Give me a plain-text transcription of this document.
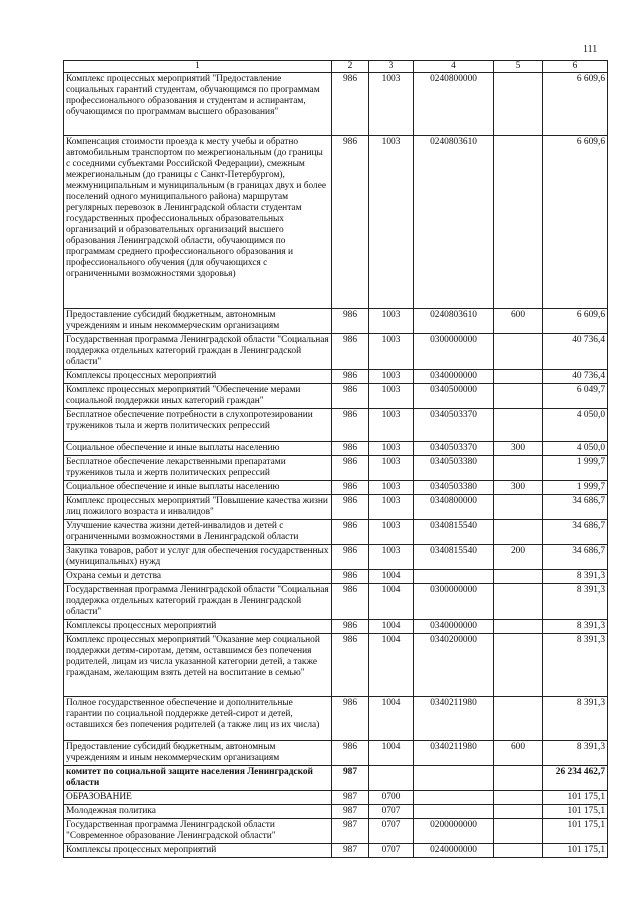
111
1	2	3	4	5	6
Комплекс процессных мероприятий "Предоставление социальных гарантий студентам, обучающимся по программам профессионального образования и студентам и аспирантам, обучающимся по программам высшего образования"	986	1003	0240800000		6 609,6
Компенсация стоимости проезда к месту учебы и обратно автомобильным транспортом по межрегиональным (до границы с соседними субъектами Российской Федерации), смежным межрегиональным (до границы с Санкт-Петербургом), межмуниципальным и муниципальным (в границах двух и более поселений одного муниципального района) маршрутам регулярных перевозок в Ленинградской области студентам государственных профессиональных образовательных организаций и образовательных организаций высшего образования Ленинградской области, обучающимся по программам среднего профессионального образования и профессионального обучения (для обучающихся с ограниченными возможностями здоровья)	986	1003	0240803610		6 609,6
Предоставление субсидий бюджетным, автономным учреждениям и иным некоммерческим организациям	986	1003	0240803610	600	6 609,6
Государственная программа Ленинградской области "Социальная поддержка отдельных категорий граждан в Ленинградской области"	986	1003	0300000000		40 736,4
Комплексы процессных мероприятий	986	1003	0340000000		40 736,4
Комплекс процессных мероприятий "Обеспечение мерами социальной поддержки иных категорий граждан"	986	1003	0340500000		6 049,7
Бесплатное обеспечение потребности в слухопротезировании тружеников тыла и жертв политических репрессий	986	1003	0340503370		4 050,0
Социальное обеспечение и иные выплаты населению	986	1003	0340503370	300	4 050,0
Бесплатное обеспечение лекарственными препаратами тружеников тыла и жертв политических репрессий	986	1003	0340503380		1 999,7
Социальное обеспечение и иные выплаты населению	986	1003	0340503380	300	1 999,7
Комплекс процессных мероприятий "Повышение качества жизни лиц пожилого возраста и инвалидов"	986	1003	0340800000		34 686,7
Улучшение качества жизни детей-инвалидов и детей с ограниченными возможностями в Ленинградской области	986	1003	0340815540		34 686,7
Закупка товаров, работ и услуг для обеспечения государственных (муниципальных) нужд	986	1003	0340815540	200	34 686,7
Охрана семьи и детства	986	1004			8 391,3
Государственная программа Ленинградской области "Социальная поддержка отдельных категорий граждан в Ленинградской области"	986	1004	0300000000		8 391,3
Комплексы процессных мероприятий	986	1004	0340000000		8 391,3
Комплекс процессных мероприятий "Оказание мер социальной поддержки детям-сиротам, детям, оставшимся без попечения родителей, лицам из числа указанной категории детей, а также гражданам, желающим взять детей на воспитание в семью"	986	1004	0340200000		8 391,3
Полное государственное обеспечение и дополнительные гарантии по социальной поддержке детей-сирот и детей, оставшихся без попечения родителей (а также лиц из их числа)	986	1004	0340211980		8 391,3
Предоставление субсидий бюджетным, автономным учреждениям и иным некоммерческим организациям	986	1004	0340211980	600	8 391,3
комитет по социальной защите населения Ленинградской области	987				26 234 462,7
ОБРАЗОВАНИЕ	987	0700			101 175,1
Молодежная политика	987	0707			101 175,1
Государственная программа Ленинградской области "Современное образование Ленинградской области"	987	0707	0200000000		101 175,1
Комплексы процессных мероприятий	987	0707	0240000000		101 175,1
